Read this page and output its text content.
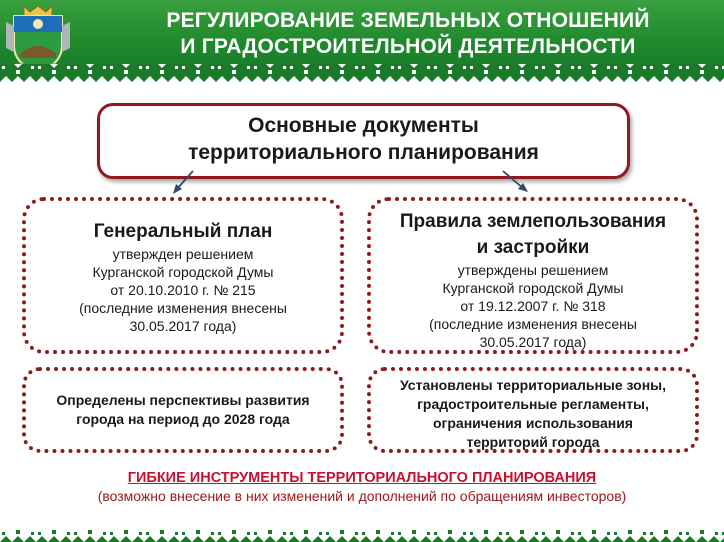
РЕГУЛИРОВАНИЕ ЗЕМЕЛЬНЫХ ОТНОШЕНИЙ
И ГРАДОСТРОИТЕЛЬНОЙ ДЕЯТЕЛЬНОСТИ
Основные документы
территориального планирования
Генеральный план
утвержден решением
Курганской городской Думы
от 20.10.2010 г. № 215
(последние изменения внесены
30.05.2017 года)
Правила землепользования
и застройки
утверждены решением
Курганской городской Думы
от 19.12.2007 г. № 318
(последние изменения внесены
30.05.2017 года)
Определены перспективы развития
города на период до 2028 года
Установлены территориальные зоны,
градостроительные регламенты,
ограничения использования
территорий города
ГИБКИЕ ИНСТРУМЕНТЫ ТЕРРИТОРИАЛЬНОГО ПЛАНИРОВАНИЯ
(возможно внесение в них изменений и дополнений по обращениям инвесторов)
